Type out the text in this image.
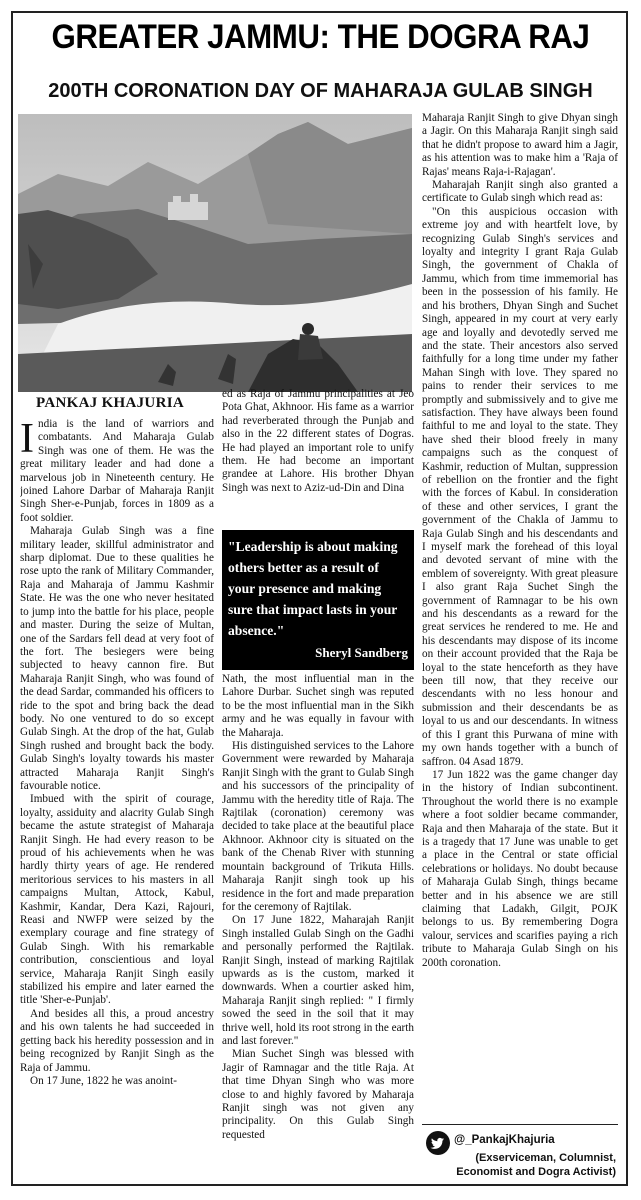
GREATER JAMMU: THE DOGRA RAJ
200TH CORONATION DAY OF MAHARAJA GULAB SINGH
PANKAJ KHAJURIA

India is the land of warriors and combatants. And Maharaja Gulab Singh was one of them. He was the great military leader and had done a marvelous job in Nineteenth century. He joined Lahore Darbar of Maharaja Ranjit Singh Sher-e-Punjab, forces in 1809 as a foot soldier.

Maharaja Gulab Singh was a fine military leader, skillful administrator and sharp diplomat. Due to these qualities he rose upto the rank of Military Commander, Raja and Maharaja of Jammu Kashmir State. He was the one who never hesitated to jump into the battle for his place, people and master. During the seize of Multan, one of the Sardars fell dead at very foot of the fort. The besiegers were being subjected to heavy cannon fire. But Maharaja Ranjit Singh, who was found of the dead Sardar, commanded his officers to ride to the spot and bring back the dead body. No one ventured to do so except Gulab Singh. At the drop of the hat, Gulab Singh rushed and brought back the body. Gulab Singh's loyalty towards his master attracted Maharaja Ranjit Singh's favourable notice.

Imbued with the spirit of courage, loyalty, assiduity and alacrity Gulab Singh became the astute strategist of Maharaja Ranjit Singh. He had every reason to be proud of his achievements when he was hardly thirty years of age. He rendered meritorious services to his masters in all campaigns Multan, Attock, Kabul, Kashmir, Kandar, Dera Kazi, Rajouri, Reasi and NWFP were seized by the exemplary courage and fine strategy of Gulab Singh. With his remarkable contribution, conscientious and loyal service, Maharaja Ranjit Singh easily stabilized his empire and later earned the title 'Sher-e-Punjab'.

And besides all this, a proud ancestry and his own talents he had succeeded in getting back his heredity possession and in being recognized by Ranjit Singh as the Raja of Jammu.

On 17 June, 1822 he was anoint-

ed as Raja of Jammu principalities at Jeo Pota Ghat, Akhnoor. His fame as a warrior had reverberated through the Punjab and also in the 22 different states of Dogras. He had played an important role to unify them. He had become an important grandee at Lahore. His brother Dhyan Singh was next to Aziz-ud-Din and Dina

"Leadership is about making others better as a result of your presence and making sure that impact lasts in your absence."
Sheryl Sandberg

Nath, the most influential man in the Lahore Durbar. Suchet singh was reputed to be the most influential man in the Sikh army and he was equally in favour with the Maharaja.

His distinguished services to the Lahore Government were rewarded by Maharaja Ranjit Singh with the grant to Gulab Singh and his successors of the principality of Jammu with the heredity title of Raja. The Rajtilak (coronation) ceremony was decided to take place at the beautiful place Akhnoor. Akhnoor city is situated on the bank of the Chenab River with stunning mountain background of Trikuta Hills. Maharaja Ranjit singh took up his residence in the fort and made preparation for the ceremony of Rajtilak.

On 17 June 1822, Maharajah Ranjit Singh installed Gulab Singh on the Gadhi and personally performed the Rajtilak. Ranjit Singh, instead of marking Rajtilak upwards as is the custom, marked it downwards. When a courtier asked him, Maharaja Ranjit singh replied: " I firmly sowed the seed in the soil that it may thrive well, hold its root strong in the earth and last forever."

Mian Suchet Singh was blessed with Jagir of Ramnagar and the title Raja. At that time Dhyan Singh who was more close to and highly favored by Maharaja Ranjit singh was not given any principality. On this Gulab Singh requested

Maharaja Ranjit Singh to give Dhyan singh a Jagir. On this Maharaja Ranjit singh said that he didn't propose to award him a Jagir, as his attention was to make him a 'Raja of Rajas' means Raja-i-Rajagan'.

Maharajah Ranjit singh also granted a certificate to Gulab singh which read as:

"On this auspicious occasion with extreme joy and with heartfelt love, by recognizing Gulab Singh's services and loyalty and integrity I grant Raja Gulab Singh, the government of Chakla of Jammu, which from time immemorial has been in the possession of his family. He and his brothers, Dhyan Singh and Suchet Singh, appeared in my court at very early age and loyally and devotedly served me and the state. Their ancestors also served faithfully for a long time under my father Mahan Singh with love. They spared no pains to render their services to me promptly and submissively and to give me satisfaction. They have always been found faithful to me and loyal to the state. They have shed their blood freely in many campaigns such as the conquest of Kashmir, reduction of Multan, suppression of rebellion on the frontier and the fight with the forces of Kabul. In consideration of these and other services, I grant the government of the Chakla of Jammu to Raja Gulab Singh and his descendants and I myself mark the forehead of this loyal and devoted servant of mine with the emblem of sovereignty. With great pleasure I also grant Raja Suchet Singh the government of Ramnagar to be his own and his descendants as a reward for the great services he rendered to me. He and his descendants may dispose of its income on their account provided that the Raja be loyal to the state henceforth as they have been till now, that they receive our descendants with no less honour and submission and their descendants be as loyal to us and our descendants. In witness of this I grant this Purwana of mine with my own hands together with a bunch of saffron. 04 Asad 1879.

17 Jun 1822 was the game changer day in the history of Indian subcontinent. Throughout the world there is no example where a foot soldier became commander, Raja and then Maharaja of the state. But it is a tragedy that 17 June was unable to get a place in the Central or state official celebrations or holidays. No doubt because of Maharaja Gulab Singh, things became better and in his absence we are still claiming that Ladakh, Gilgit, POJK belongs to us. By remembering Dogra valour, services and scarifies paying a rich tribute to Maharaja Gulab Singh on his 200th coronation.

@_PankajKhajuria
(Exserviceman, Columnist, Economist and Dogra Activist)
